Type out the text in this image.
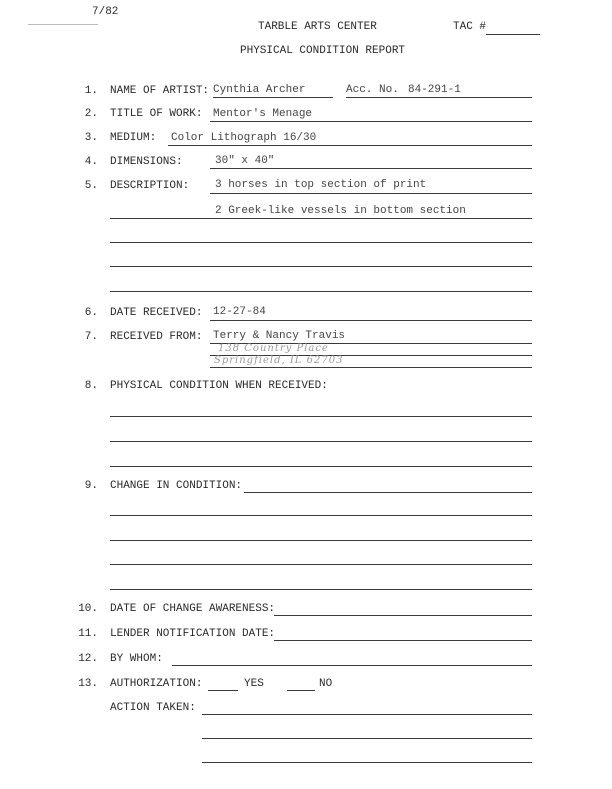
7/82
TARBLE ARTS CENTER	TAC #
PHYSICAL CONDITION REPORT
1. NAME OF ARTIST: Cynthia Archer	Acc. No. 84-291-1
2. TITLE OF WORK: Mentor's Menage
3. MEDIUM: Color Lithograph 16/30
4. DIMENSIONS:	30" x 40"
5. DESCRIPTION: 3 horses in top section of print
2 Greek-like vessels in bottom section
6. DATE RECEIVED: 12-27-84
7. RECEIVED FROM: Terry & Nancy Travis
138 Country Place
Springfield, IL 62703
8. PHYSICAL CONDITION WHEN RECEIVED:
9. CHANGE IN CONDITION:
10. DATE OF CHANGE AWARENESS:
11. LENDER NOTIFICATION DATE:
12. BY WHOM:
13. AUTHORIZATION:	YES	NO
ACTION TAKEN:
